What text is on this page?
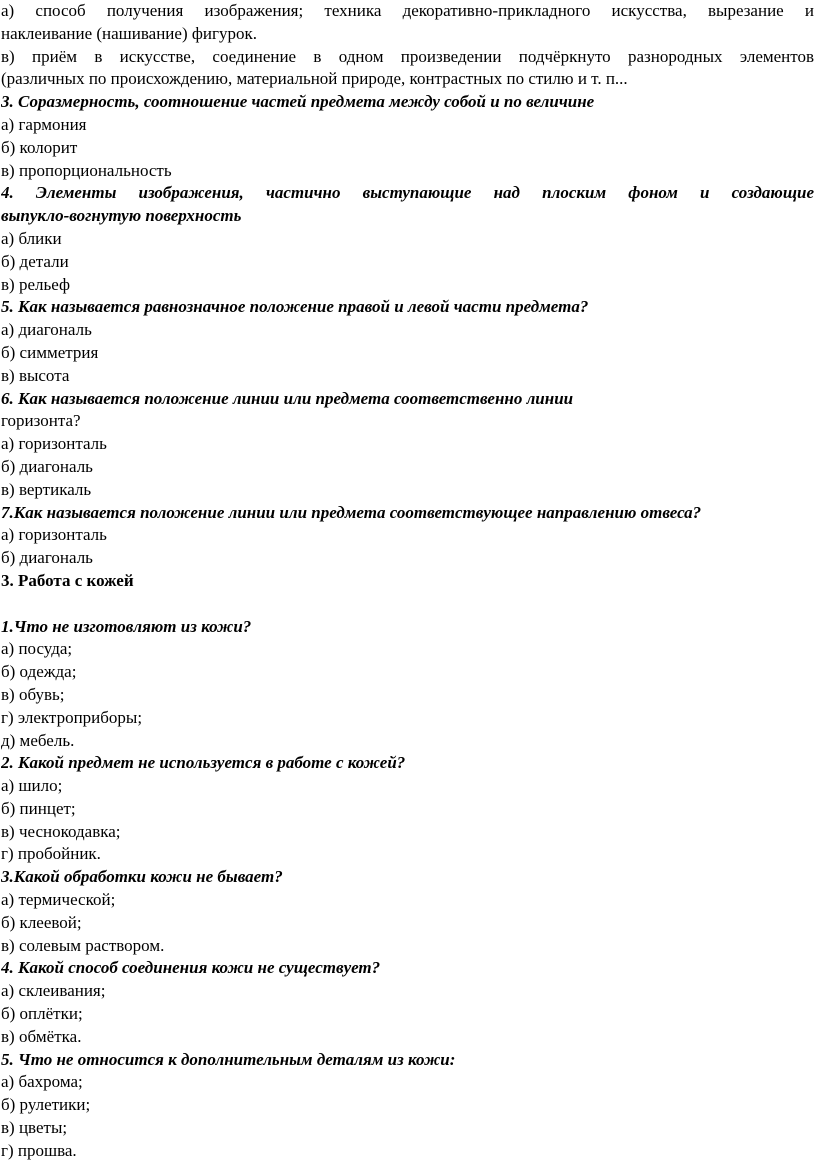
а) способ получения изображения; техника декоративно-прикладного искусства, вырезание и
наклеивание (нашивание) фигурок.
в) приём в искусстве, соединение в одном произведении подчёркнуто разнородных элементов
(различных по происхождению, материальной природе, контрастных по стилю и т. п...
3. Соразмерность, соотношение частей предмета между собой и по величине
а) гармония
б) колорит
в) пропорциональность
4. Элементы изображения, частично выступающие над плоским фоном и создающие
выпукло-вогнутую поверхность
а) блики
б) детали
в) рельеф
5. Как называется равнозначное положение правой и левой части предмета?
а) диагональ
б) симметрия
в) высота
6. Как называется положение линии или предмета соответственно линии
горизонта?
а) горизонталь
б) диагональ
в) вертикаль
7.Как называется положение линии или предмета соответствующее направлению отвеса?
а) горизонталь
б) диагональ
3. Работа с кожей
1.Что не изготовляют из кожи?
а) посуда;
б) одежда;
в) обувь;
г) электроприборы;
д) мебель.
2. Какой предмет не используется в работе с кожей?
а) шило;
б) пинцет;
в) чеснокодавка;
г) пробойник.
3.Какой обработки кожи не бывает?
а) термической;
б) клеевой;
в) солевым раствором.
4. Какой способ соединения кожи не существует?
а) склеивания;
б) оплётки;
в) обмётка.
5. Что не относится к дополнительным деталям из кожи:
а) бахрома;
б) рулетики;
в) цветы;
г) прошва.
